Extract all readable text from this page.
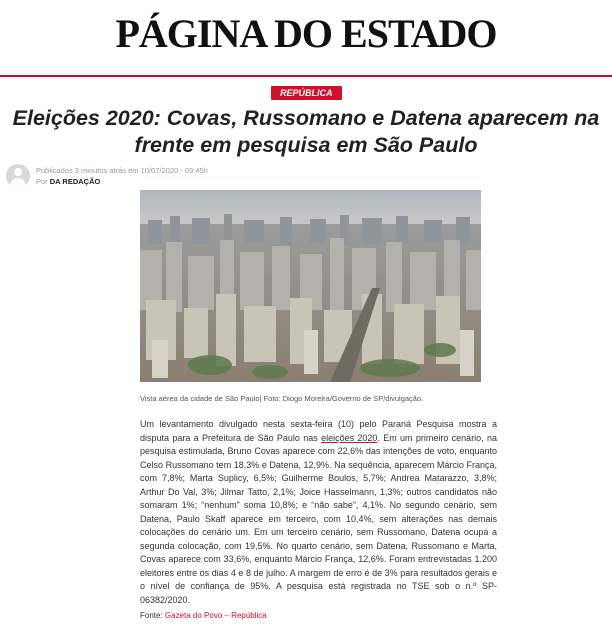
PÁGINA DO ESTADO
REPÚBLICA
Eleições 2020: Covas, Russomano e Datena aparecem na frente em pesquisa em São Paulo
Publicados 3 minutos atrás em 10/07/2020 - 09:45h
Por DA REDAÇÃO
Vista aérea da cidade de São Paulo| Foto: Diogo Moreira/Governo de SP/divulgação.

Um levantamento divulgado nesta sexta-feira (10) pelo Paraná Pesquisa mostra a disputa para a Prefeitura de São Paulo nas eleições 2020. Em um primeiro cenário, na pesquisa estimulada, Bruno Covas aparece com 22,6% das intenções de voto, enquanto Celso Russomano tem 18,3% e Datena, 12,9%. Na sequência, aparecem Márcio França, com 7,8%; Marta Suplicy, 6,5%; Guilherme Boulos, 5,7%; Andrea Matarazzo, 3,8%; Arthur Do Val, 3%; Jilmar Tatto, 2,1%; Joice Hasselmann, 1,3%; outros candidatos não somaram 1%; “nenhum” soma 10,8%; e “não sabe”, 4,1%. No segundo cenário, sem Datena, Paulo Skaff aparece em terceiro, com 10,4%, sem alterações nas demais colocações do cenário um. Em um terceiro cenário, sem Russomano, Datena ocupa a segunda colocação, com 19,5%. No quarto cenário, sem Datena, Russomano e Marta, Covas aparece com 33,6%, enquanto Márcio França, 12,6%. Foram entrevistadas 1.200 eleitores entre os dias 4 e 8 de julho. A margem de erro é de 3% para resultados gerais e o nível de confiança de 95%. A pesquisa está registrada no TSE sob o n.º SP-06382/2020.

Fonte: Gazeta do Povo – República
